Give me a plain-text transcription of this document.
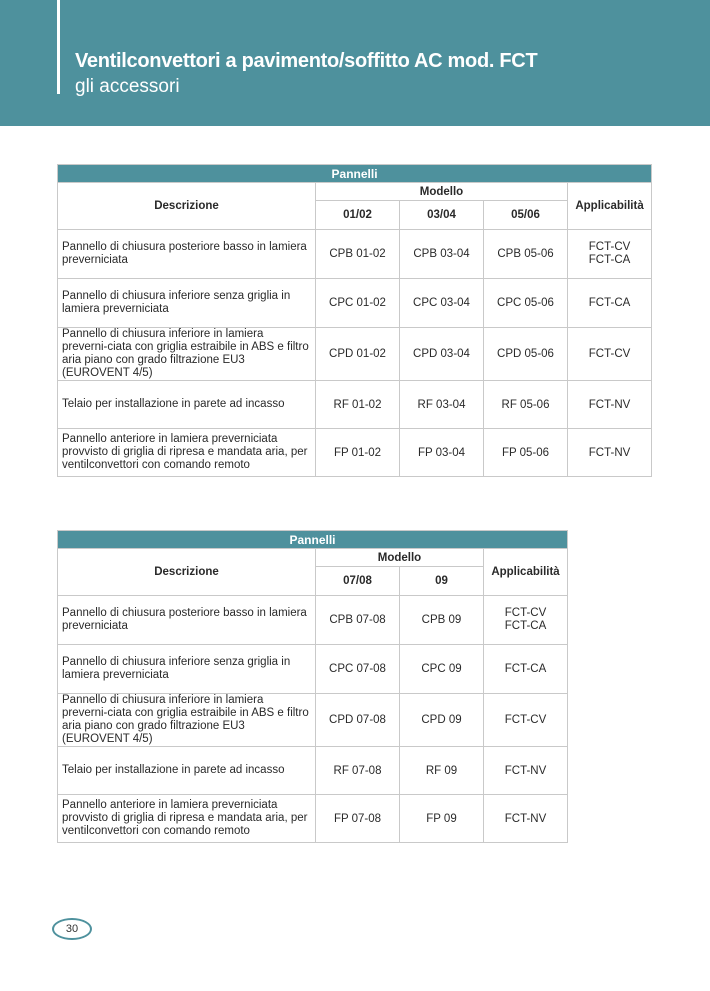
Ventilconvettori a pavimento/soffitto AC mod. FCT
gli accessori
Pannelli				
Descrizione	Modello			Applicabilità
	01/02	03/04	05/06	
Pannello di chiusura posteriore basso in lamiera preverniciata	CPB 01-02	CPB 03-04	CPB 05-06	FCT-CV
FCT-CA

Pannello di chiusura inferiore senza griglia in lamiera preverniciata	CPC 01-02	CPC 03-04	CPC 05-06	FCT-CA
Pannello di chiusura inferiore in lamiera preverni-ciata con griglia estraibile in ABS e filtro aria piano con grado filtrazione EU3 (EUROVENT 4/5)	CPD 01-02	CPD 03-04	CPD 05-06	FCT-CV
Telaio per installazione in parete ad incasso	RF 01-02	RF 03-04	RF 05-06	FCT-NV
Pannello anteriore in lamiera preverniciata provvisto di griglia di ripresa e mandata aria, per ventilconvettori con comando remoto	FP 01-02	FP 03-04	FP 05-06	FCT-NV
Pannelli			
Descrizione	Modello		Applicabilità
	07/08	09	
Pannello di chiusura posteriore basso in lamiera preverniciata	CPB 07-08	CPB 09	FCT-CV
FCT-CA

Pannello di chiusura inferiore senza griglia in lamiera preverniciata	CPC 07-08	CPC 09	FCT-CA
Pannello di chiusura inferiore in lamiera preverni-ciata con griglia estraibile in ABS e filtro aria piano con grado filtrazione EU3 (EUROVENT 4/5)	CPD 07-08	CPD 09	FCT-CV
Telaio per installazione in parete ad incasso	RF 07-08	RF 09	FCT-NV
Pannello anteriore in lamiera preverniciata provvisto di griglia di ripresa e mandata aria, per ventilconvettori con comando remoto	FP 07-08	FP 09	FCT-NV
30
